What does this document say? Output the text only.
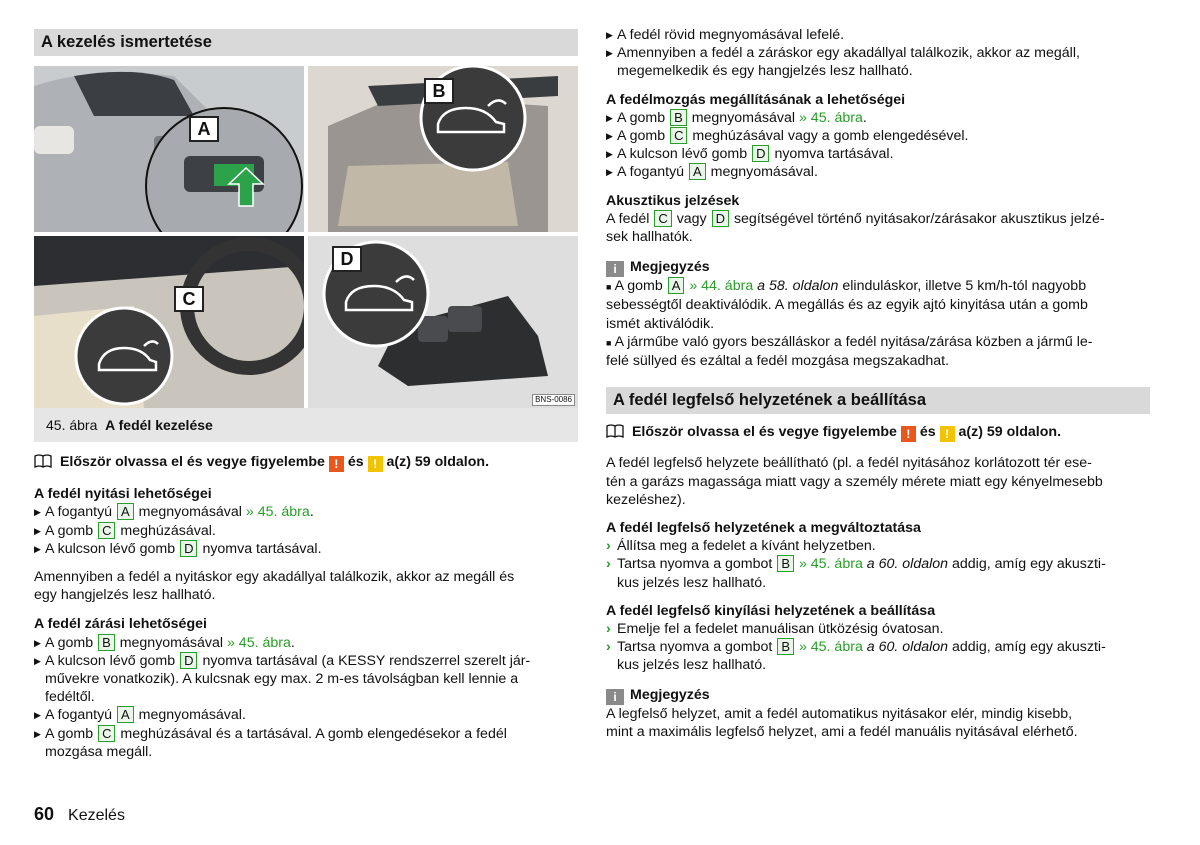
A kezelés ismertetése
A
B
C
D
BNS-0086
45. ábra A fedél kezelése

Először olvassa el és vegye figyelembe ! és ! a(z) 59 oldalon.

A fedél nyitási lehetőségei

▶ A fogantyú A megnyomásával » 45. ábra.

▶ A gomb C meghúzásával.

▶ A kulcson lévő gomb D nyomva tartásával.

Amennyiben a fedél a nyitáskor egy akadállyal találkozik, akkor az megáll és
egy hangjelzés lesz hallható.

A fedél zárási lehetőségei

▶ A gomb B megnyomásával » 45. ábra.

▶ A kulcson lévő gomb D nyomva tartásával (a KESSY rendszerrel szerelt jár-
művekre vonatkozik). A kulcsnak egy max. 2 m-es távolságban kell lennie a
fedéltől.

▶ A fogantyú A megnyomásával.

▶ A gomb C meghúzásával és a tartásával. A gomb elengedésekor a fedél
mozgása megáll.

▶ A fedél rövid megnyomásával lefelé.

▶ Amennyiben a fedél a záráskor egy akadállyal találkozik, akkor az megáll,
megemelkedik és egy hangjelzés lesz hallható.

A fedélmozgás megállításának a lehetőségei

▶ A gomb B megnyomásával » 45. ábra.

▶ A gomb C meghúzásával vagy a gomb elengedésével.

▶ A kulcson lévő gomb D nyomva tartásával.

▶ A fogantyú A megnyomásával.

Akusztikus jelzések

A fedél C vagy D segítségével történő nyitásakor/zárásakor akusztikus jelzé-
sek hallhatók.

i Megjegyzés

■ A gomb A » 44. ábra a 58. oldalon elinduláskor, illetve 5 km/h-tól nagyobb
sebességtől deaktiválódik. A megállás és az egyik ajtó kinyitása után a gomb
ismét aktiválódik.

■ A járműbe való gyors beszálláskor a fedél nyitása/zárása közben a jármű le-
felé süllyed és ezáltal a fedél mozgása megszakadhat.

A fedél legfelső helyzetének a beállítása

Először olvassa el és vegye figyelembe ! és ! a(z) 59 oldalon.

A fedél legfelső helyzete beállítható (pl. a fedél nyitásához korlátozott tér ese-
tén a garázs magassága miatt vagy a személy mérete miatt egy kényelmesebb
kezeléshez).

A fedél legfelső helyzetének a megváltoztatása

› Állítsa meg a fedelet a kívánt helyzetben.

› Tartsa nyomva a gombot B » 45. ábra a 60. oldalon addig, amíg egy akuszti-
kus jelzés lesz hallható.

A fedél legfelső kinyílási helyzetének a beállítása

› Emelje fel a fedelet manuálisan ütközésig óvatosan.

› Tartsa nyomva a gombot B » 45. ábra a 60. oldalon addig, amíg egy akuszti-
kus jelzés lesz hallható.

i Megjegyzés

A legfelső helyzet, amit a fedél automatikus nyitásakor elér, mindig kisebb,
mint a maximális legfelső helyzet, ami a fedél manuális nyitásával elérhető.

60 Kezelés
